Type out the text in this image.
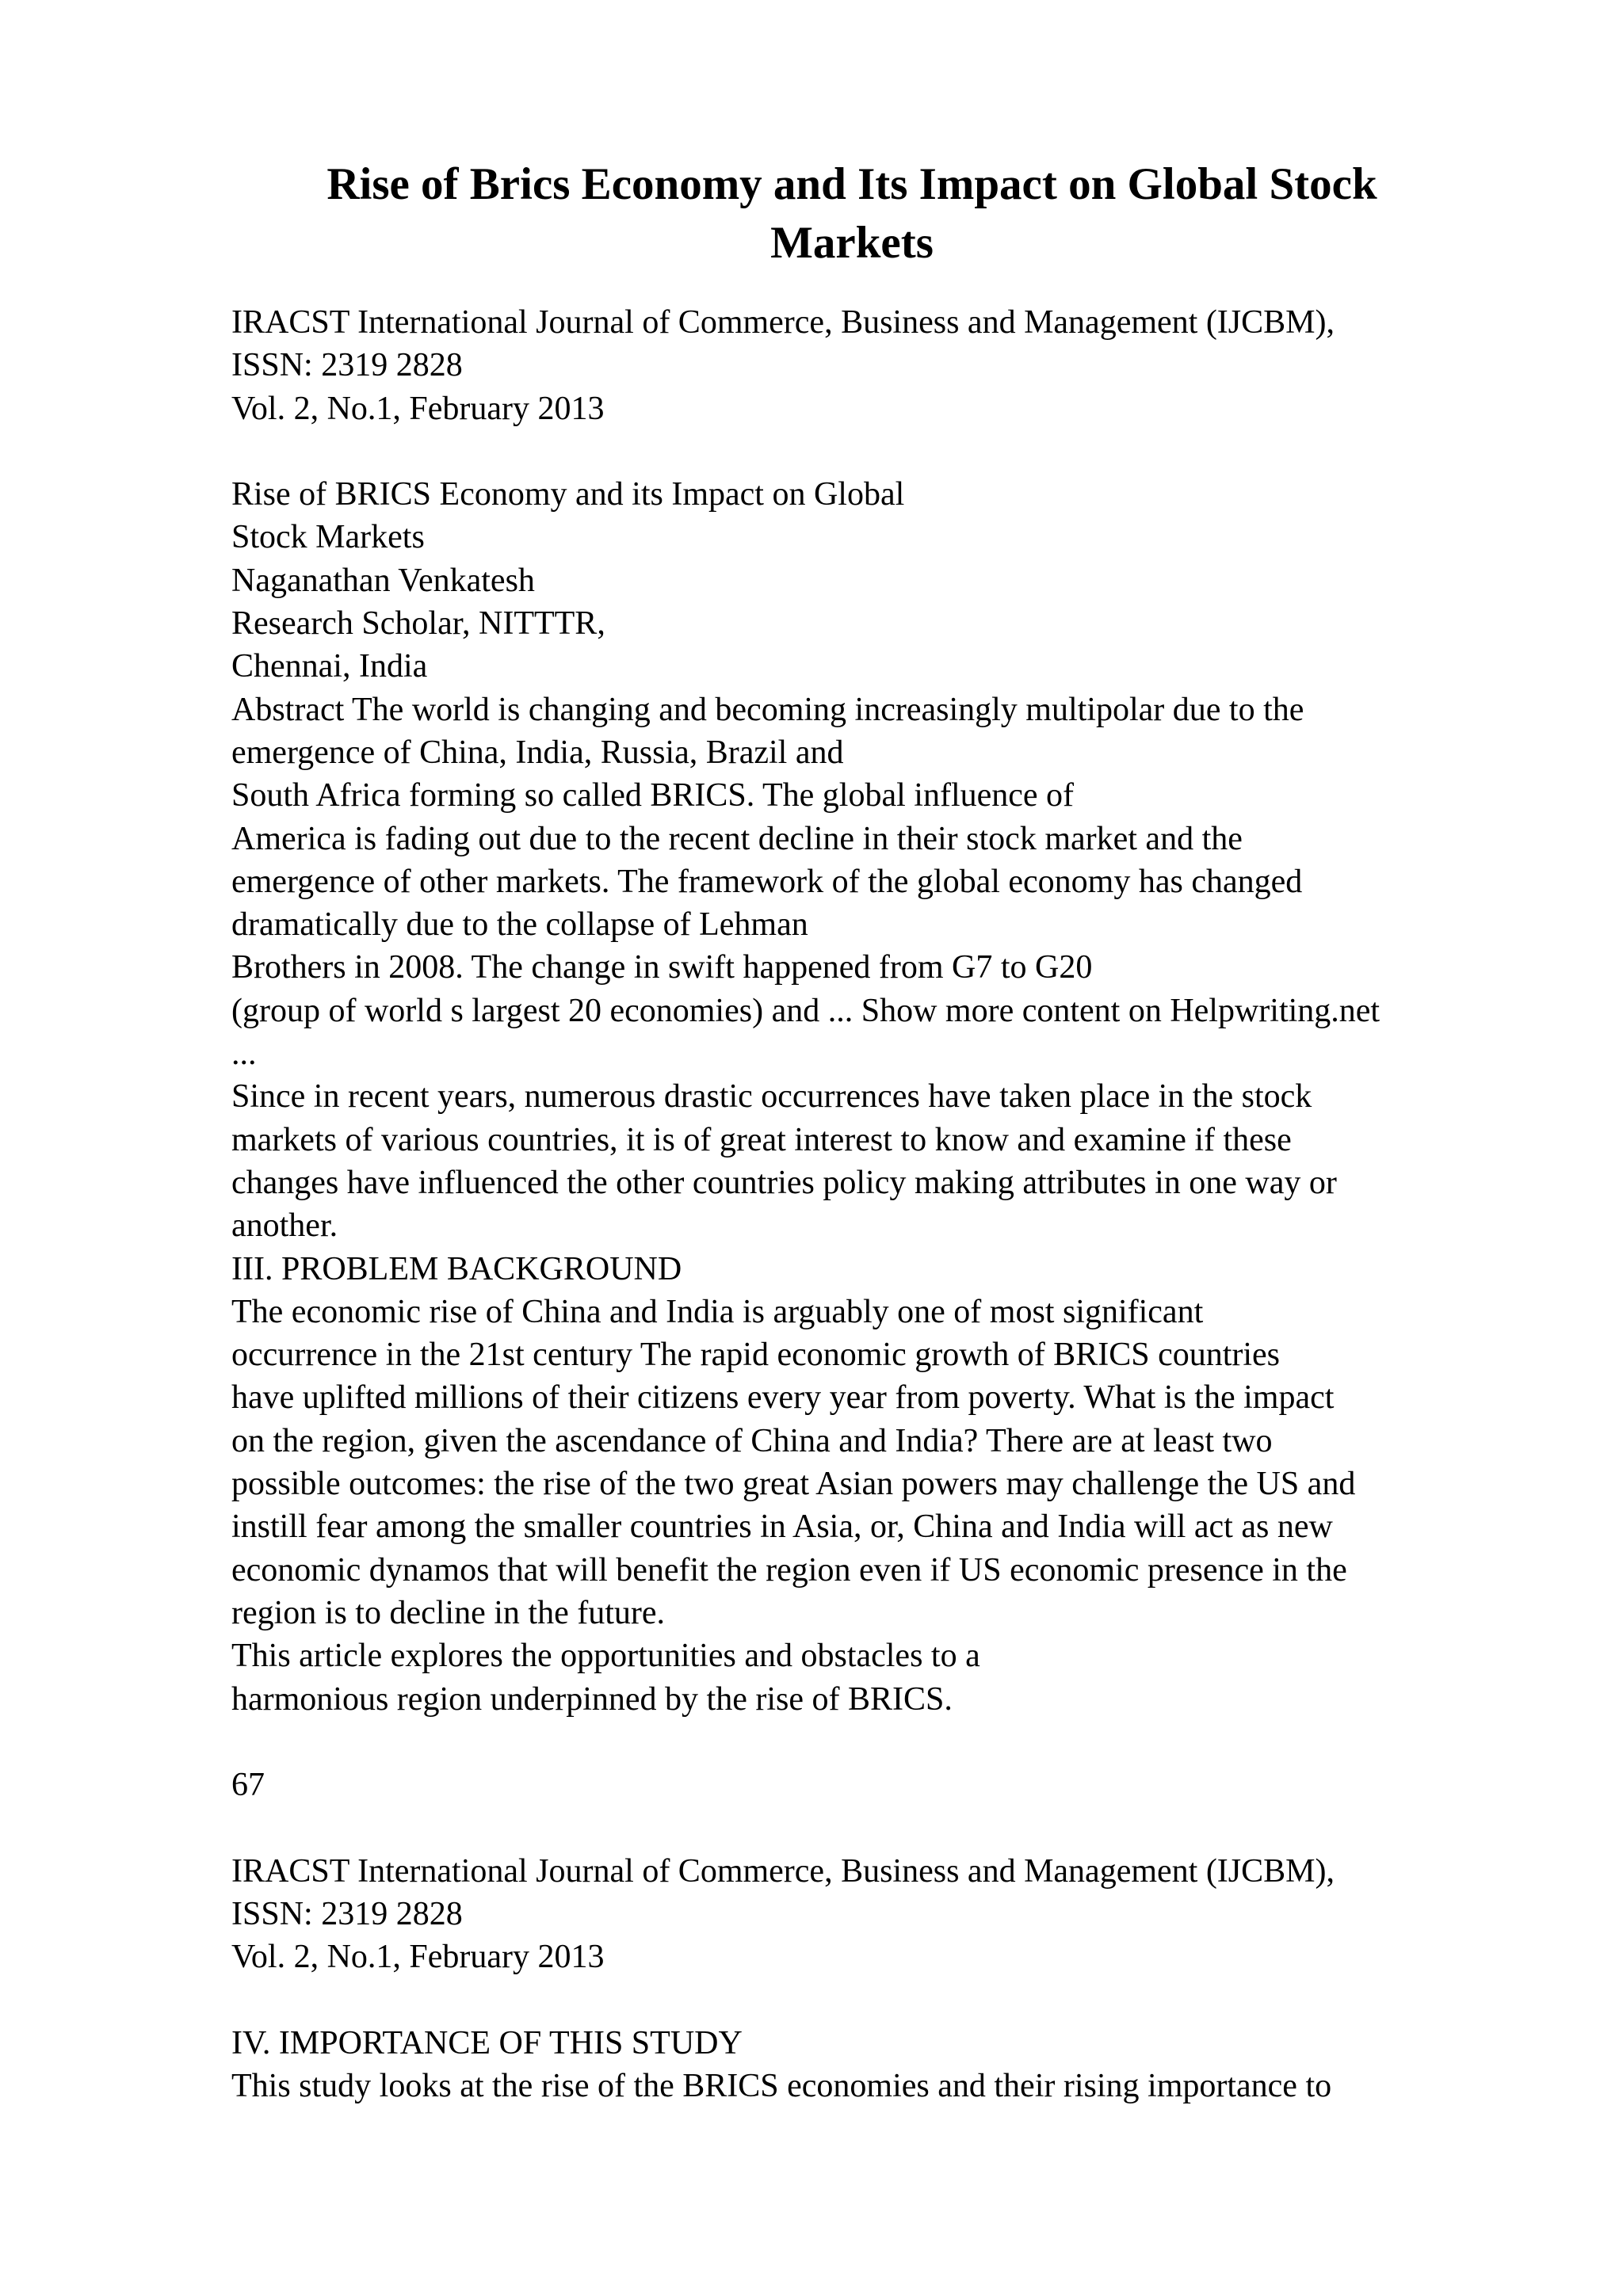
Rise of Brics Economy and Its Impact on Global Stock
Markets
IRACST International Journal of Commerce, Business and Management (IJCBM),
ISSN: 2319 2828
Vol. 2, No.1, February 2013
Rise of BRICS Economy and its Impact on Global
Stock Markets
Naganathan Venkatesh
Research Scholar, NITTTR,
Chennai, India
Abstract The world is changing and becoming increasingly multipolar due to the
emergence of China, India, Russia, Brazil and
South Africa forming so called BRICS. The global influence of
America is fading out due to the recent decline in their stock market and the
emergence of other markets. The framework of the global economy has changed
dramatically due to the collapse of Lehman
Brothers in 2008. The change in swift happened from G7 to G20
(group of world s largest 20 economies) and ... Show more content on Helpwriting.net
...
Since in recent years, numerous drastic occurrences have taken place in the stock
markets of various countries, it is of great interest to know and examine if these
changes have influenced the other countries policy making attributes in one way or
another.
III. PROBLEM BACKGROUND
The economic rise of China and India is arguably one of most significant
occurrence in the 21st century The rapid economic growth of BRICS countries
have uplifted millions of their citizens every year from poverty. What is the impact
on the region, given the ascendance of China and India? There are at least two
possible outcomes: the rise of the two great Asian powers may challenge the US and
instill fear among the smaller countries in Asia, or, China and India will act as new
economic dynamos that will benefit the region even if US economic presence in the
region is to decline in the future.
This article explores the opportunities and obstacles to a
harmonious region underpinned by the rise of BRICS.
67
IRACST International Journal of Commerce, Business and Management (IJCBM),
ISSN: 2319 2828
Vol. 2, No.1, February 2013
IV. IMPORTANCE OF THIS STUDY
This study looks at the rise of the BRICS economies and their rising importance to
